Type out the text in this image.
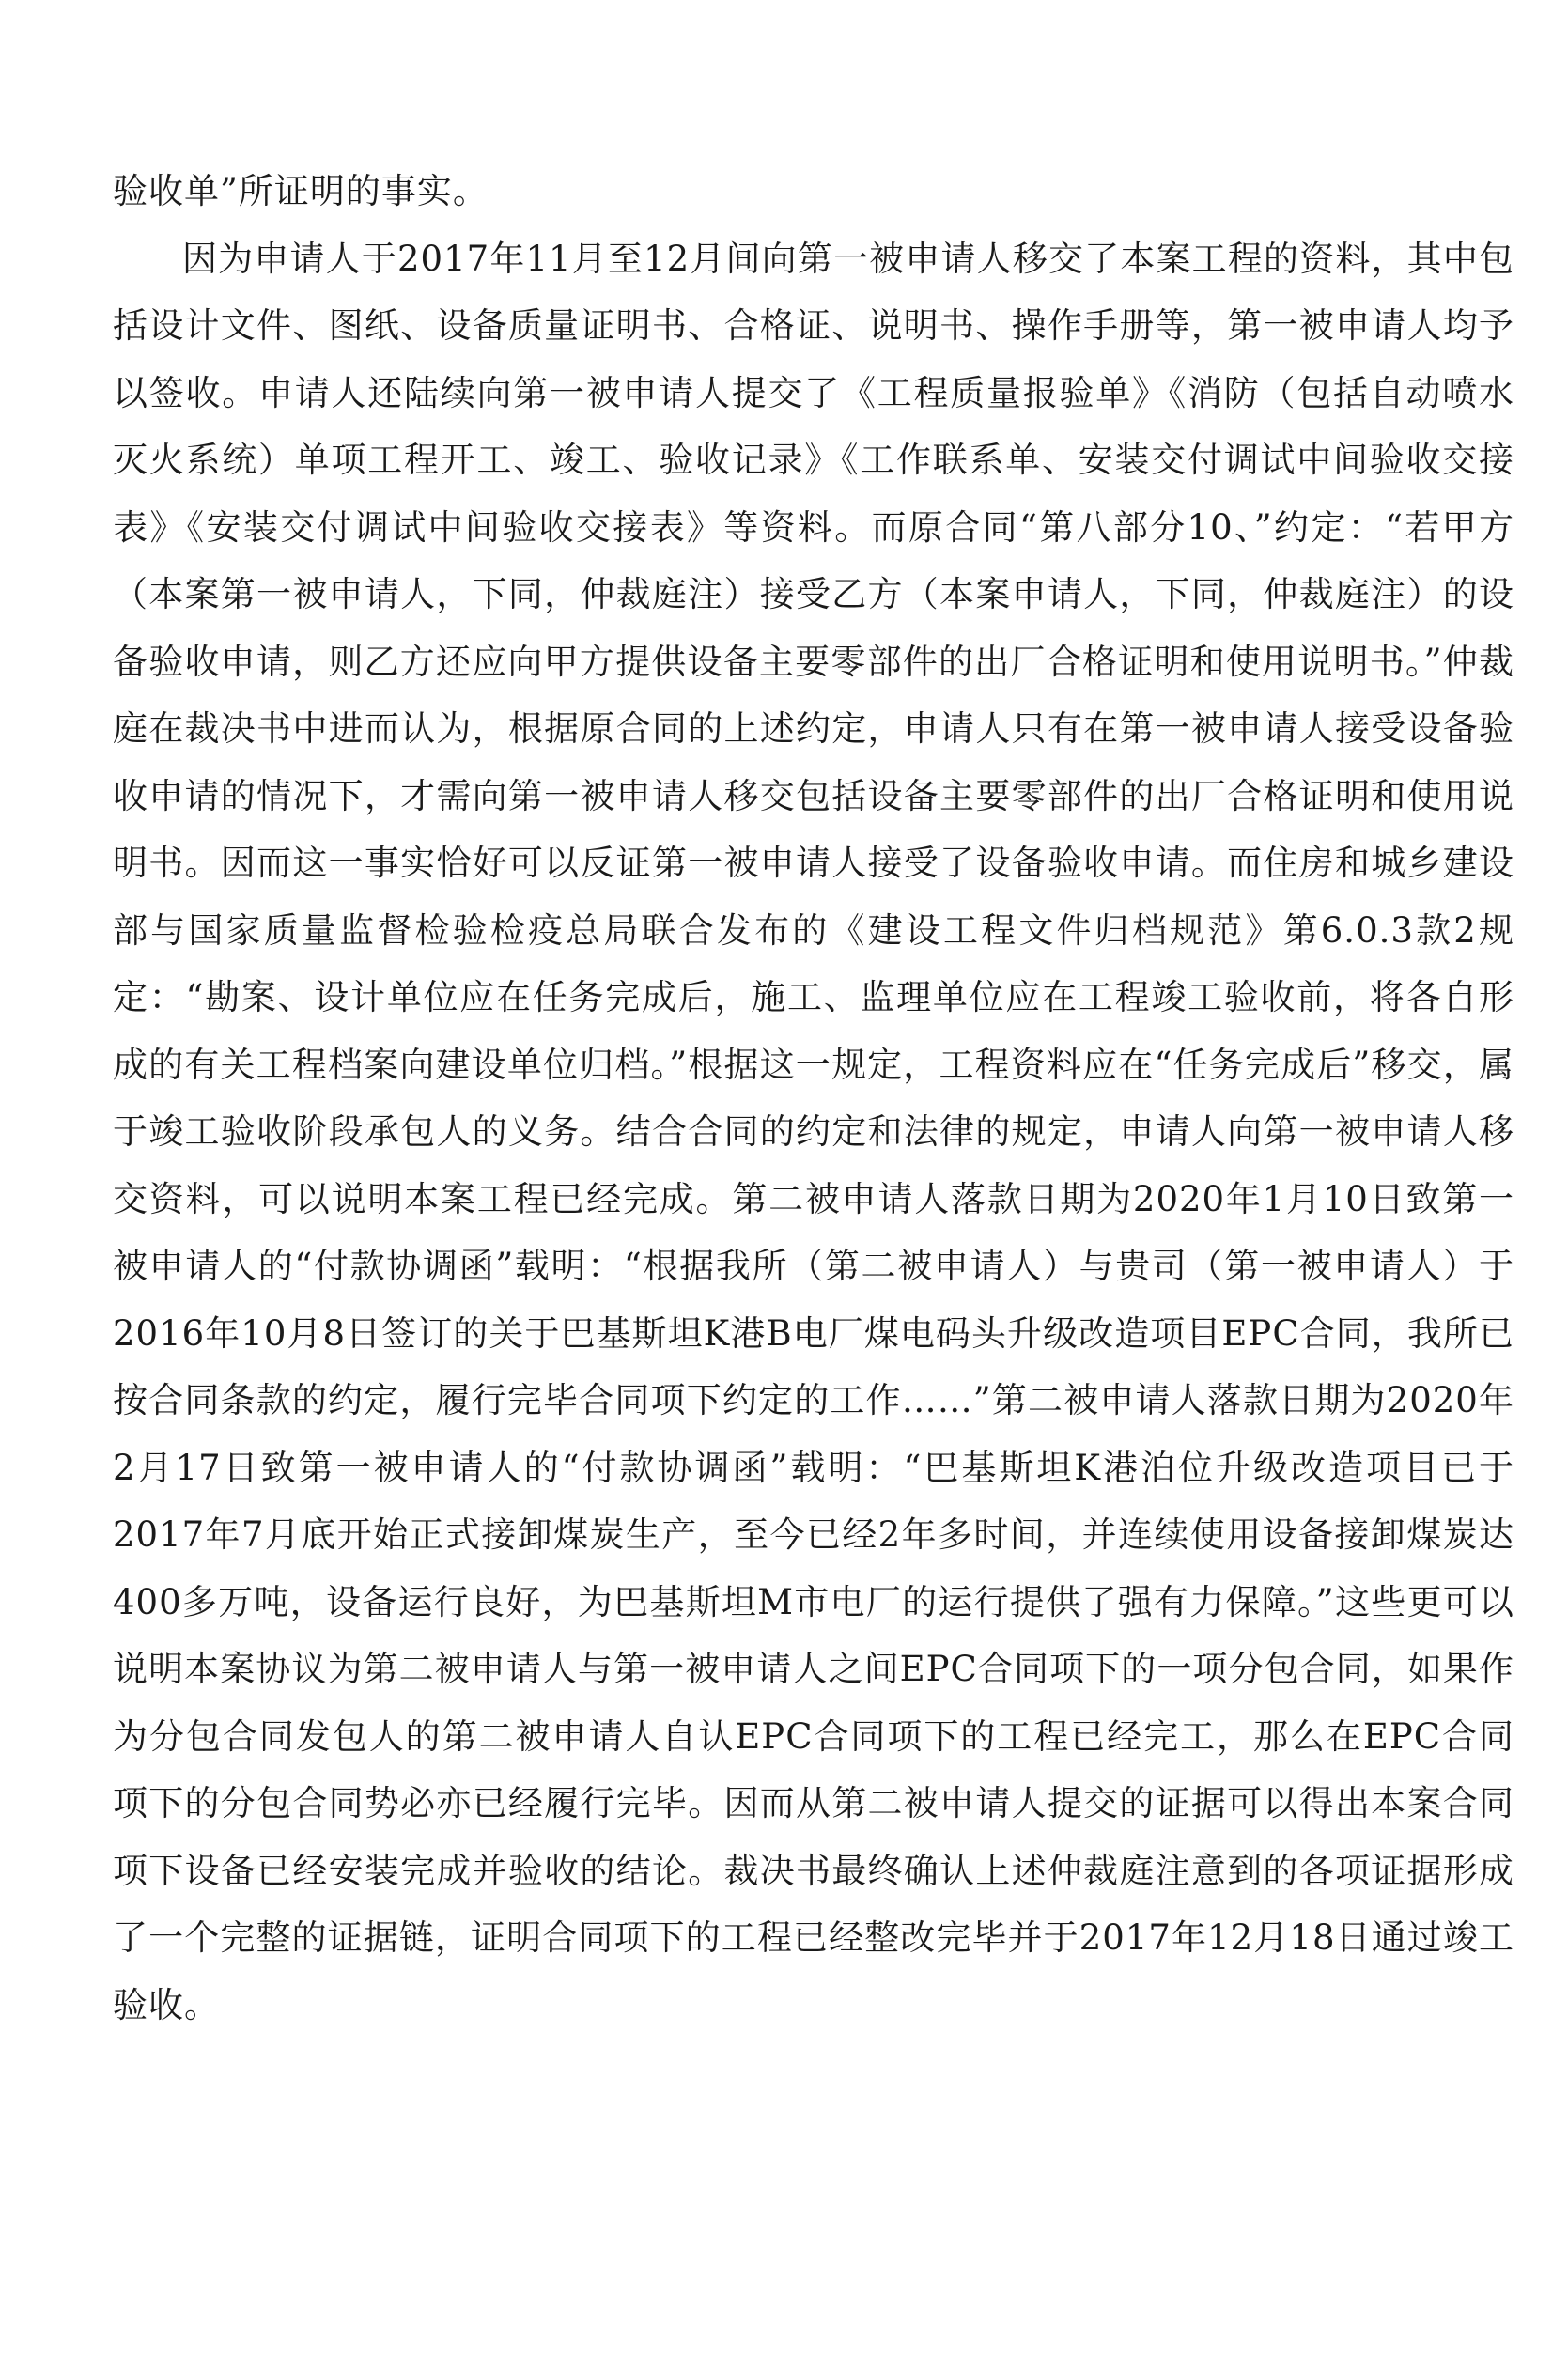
验收单”所证明的事实。

因为申请人于2017年11月至12月间向第一被申请人移交了本案工程的资料，其中包括设计文件、图纸、设备质量证明书、合格证、说明书、操作手册等，第一被申请人均予以签收。申请人还陆续向第一被申请人提交了《工程质量报验单》《消防（包括自动喷水灭火系统）单项工程开工、竣工、验收记录》《工作联系单、安装交付调试中间验收交接表》《安装交付调试中间验收交接表》等资料。而原合同“第八部分10、”约定：“若甲方（本案第一被申请人，下同，仲裁庭注）接受乙方（本案申请人，下同，仲裁庭注）的设备验收申请，则乙方还应向甲方提供设备主要零部件的出厂合格证明和使用说明书。”仲裁庭在裁决书中进而认为，根据原合同的上述约定，申请人只有在第一被申请人接受设备验收申请的情况下，才需向第一被申请人移交包括设备主要零部件的出厂合格证明和使用说明书。因而这一事实恰好可以反证第一被申请人接受了设备验收申请。而住房和城乡建设部与国家质量监督检验检疫总局联合发布的《建设工程文件归档规范》第6.0.3款2规定：“勘案、设计单位应在任务完成后，施工、监理单位应在工程竣工验收前，将各自形成的有关工程档案向建设单位归档。”根据这一规定，工程资料应在“任务完成后”移交，属于竣工验收阶段承包人的义务。结合合同的约定和法律的规定，申请人向第一被申请人移交资料，可以说明本案工程已经完成。第二被申请人落款日期为2020年1月10日致第一被申请人的“付款协调函”载明：“根据我所（第二被申请人）与贵司（第一被申请人）于2016年10月8日签订的关于巴基斯坦K港B电厂煤电码头升级改造项目EPC合同，我所已按合同条款的约定，履行完毕合同项下约定的工作……”第二被申请人落款日期为2020年2月17日致第一被申请人的“付款协调函”载明：“巴基斯坦K港泊位升级改造项目已于2017年7月底开始正式接卸煤炭生产，至今已经2年多时间，并连续使用设备接卸煤炭达400多万吨，设备运行良好，为巴基斯坦M市电厂的运行提供了强有力保障。”这些更可以说明本案协议为第二被申请人与第一被申请人之间EPC合同项下的一项分包合同，如果作为分包合同发包人的第二被申请人自认EPC合同项下的工程已经完工，那么在EPC合同项下的分包合同势必亦已经履行完毕。因而从第二被申请人提交的证据可以得出本案合同项下设备已经安装完成并验收的结论。裁决书最终确认上述仲裁庭注意到的各项证据形成了一个完整的证据链，证明合同项下的工程已经整改完毕并于2017年12月18日通过竣工验收。
